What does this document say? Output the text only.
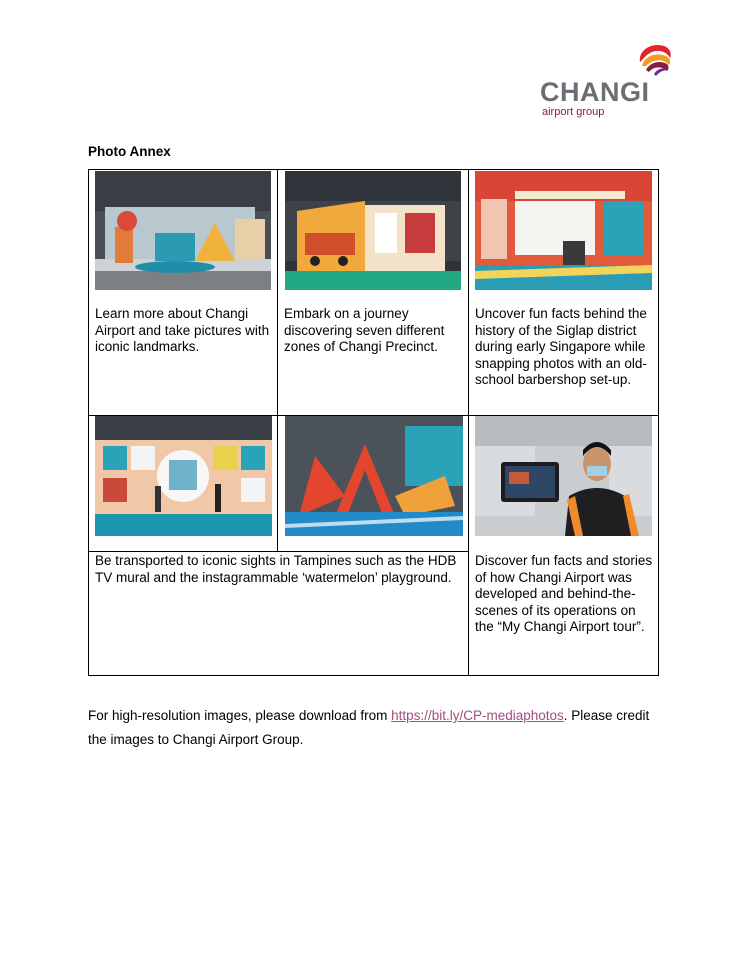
CHANGI
airport group
Photo Annex
Learn more about Changi Airport and take pictures with iconic landmarks.
Embark on a journey discovering seven different zones of Changi Precinct.
Uncover fun facts behind the history of the Siglap district during early Singapore while snapping photos with an old-school barbershop set-up.
Be transported to iconic sights in Tampines such as the HDB TV mural and the instagrammable ‘watermelon’ playground.
Discover fun facts and stories of how Changi Airport was developed and behind-the-scenes of its operations on the “My Changi Airport tour”.
For high-resolution images, please download from https://bit.ly/CP-mediaphotos. Please credit the images to Changi Airport Group.
